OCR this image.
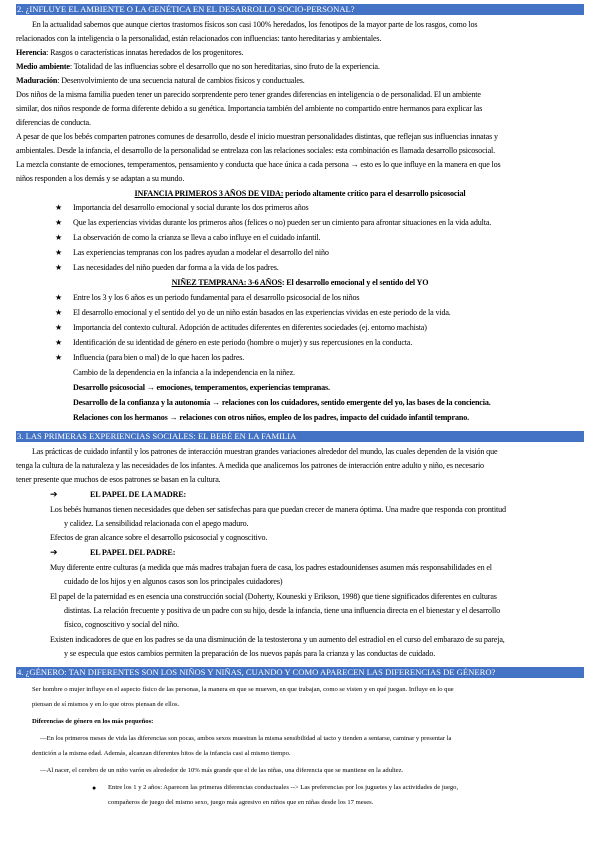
2. ¿INFLUYE EL AMBIENTE O LA GENÉTICA EN EL DESARROLLO SOCIO-PERSONAL?
En la actualidad sabemos que aunque ciertos trastornos físicos son casi 100% heredados, los fenotipos de la mayor parte de los rasgos, como los
relacionados con la inteligencia o la personalidad, están relacionados con influencias: tanto hereditarias y ambientales.
Herencia: Rasgos o características innatas heredados de los progenitores.
Medio ambiente: Totalidad de las influencias sobre el desarrollo que no son hereditarias, sino fruto de la experiencia.
Maduración: Desenvolvimiento de una secuencia natural de cambios físicos y conductuales.
Dos niños de la misma familia pueden tener un parecido sorprendente pero tener grandes diferencias en inteligencia o de personalidad. El un ambiente
similar, dos niños responde de forma diferente debido a su genética. Importancia también del ambiente no compartido entre hermanos para explicar las
diferencias de conducta.
A pesar de que los bebés comparten patrones comunes de desarrollo, desde el inicio muestran personalidades distintas, que reflejan sus influencias innatas y
ambientales. Desde la infancia, el desarrollo de la personalidad se entrelaza con las relaciones sociales: esta combinación es llamada desarrollo psicosocial.
La mezcla constante de emociones, temperamentos, pensamiento y conducta que hace única a cada persona → esto es lo que influye en la manera en que los
niños responden a los demás y se adaptan a su mundo.
INFANCIA PRIMEROS 3 AÑOS DE VIDA: periodo altamente crítico para el desarrollo psicosocial
★ Importancia del desarrollo emocional y social durante los dos primeros años
★ Que las experiencias vividas durante los primeros años (felices o no) pueden ser un cimiento para afrontar situaciones en la vida adulta.
★ La observación de como la crianza se lleva a cabo influye en el cuidado infantil.
★ Las experiencias tempranas con los padres ayudan a modelar el desarrollo del niño
★ Las necesidades del niño pueden dar forma a la vida de los padres.
NIÑEZ TEMPRANA: 3-6 AÑOS: El desarrollo emocional y el sentido del YO
★ Entre los 3 y los 6 años es un periodo fundamental para el desarrollo psicosocial de los niños
★ El desarrollo emocional y el sentido del yo de un niño están basados en las experiencias vividas en este periodo de la vida.
★ Importancia del contexto cultural. Adopción de actitudes diferentes en diferentes sociedades (ej. entorno machista)
★ Identificación de su identidad de género en este periodo (hombre o mujer) y sus repercusiones en la conducta.
★ Influencia (para bien o mal) de lo que hacen los padres.
Cambio de la dependencia en la infancia a la independencia en la niñez.
Desarrollo psicosocial → emociones, temperamentos, experiencias tempranas.
Desarrollo de la confianza y la autonomía → relaciones con los cuidadores, sentido emergente del yo, las bases de la conciencia.
Relaciones con los hermanos → relaciones con otros niños, empleo de los padres, impacto del cuidado infantil temprano.
3. LAS PRIMERAS EXPERIENCIAS SOCIALES: EL BEBÉ EN LA FAMILIA
Las prácticas de cuidado infantil y los patrones de interacción muestran grandes variaciones alrededor del mundo, las cuales dependen de la visión que
tenga la cultura de la naturaleza y las necesidades de los infantes. A medida que analicemos los patrones de interacción entre adulto y niño, es necesario
tener presente que muchos de esos patrones se basan en la cultura.
➔	EL PAPEL DE LA MADRE:
Los bebés humanos tienen necesidades que deben ser satisfechas para que puedan crecer de manera óptima. Una madre que responda con prontitud
y calidez. La sensibilidad relacionada con el apego maduro.
Efectos de gran alcance sobre el desarrollo psicosocial y cognoscitivo.
➔	EL PAPEL DEL PADRE:
Muy diferente entre culturas (a medida que más madres trabajan fuera de casa, los padres estadounidenses asumen más responsabilidades en el
cuidado de los hijos y en algunos casos son los principales cuidadores)
El papel de la paternidad es en esencia una construcción social (Doherty, Kouneski y Erikson, 1998) que tiene significados diferentes en culturas
distintas. La relación frecuente y positiva de un padre con su hijo, desde la infancia, tiene una influencia directa en el bienestar y el desarrollo
físico, cognoscitivo y social del niño.
Existen indicadores de que en los padres se da una disminución de la testosterona y un aumento del estradiol en el curso del embarazo de su pareja,
y se especula que estos cambios permiten la preparación de los nuevos papás para la crianza y las conductas de cuidado.
4. ¿GÉNERO: TAN DIFERENTES SON LOS NIÑOS Y NIÑAS, CUANDO Y COMO APARECEN LAS DIFERENCIAS DE GÉNERO?
Ser hombre o mujer influye en el aspecto físico de las personas, la manera en que se mueven, en que trabajan, como se visten y en qué juegan. Influye en lo que
piensan de sí mismos y en lo que otros piensan de ellos.
Diferencias de género en los más pequeños:
—En los primeros meses de vida las diferencias son pocas, ambos sexos muestran la misma sensibilidad al tacto y tienden a sentarse, caminar y presentar la
dentición a la misma edad. Además, alcanzan diferentes hitos de la infancia casi al mismo tiempo.
—Al nacer, el cerebro de un niño varón es alrededor de 10% más grande que el de las niñas, una diferencia que se mantiene en la adultez.
● Entre los 1 y 2 años: Aparecen las primeras diferencias conductuales --> Las preferencias por los juguetes y las actividades de juego,
compañeros de juego del mismo sexo, juego más agresivo en niños que en niñas desde los 17 meses.
